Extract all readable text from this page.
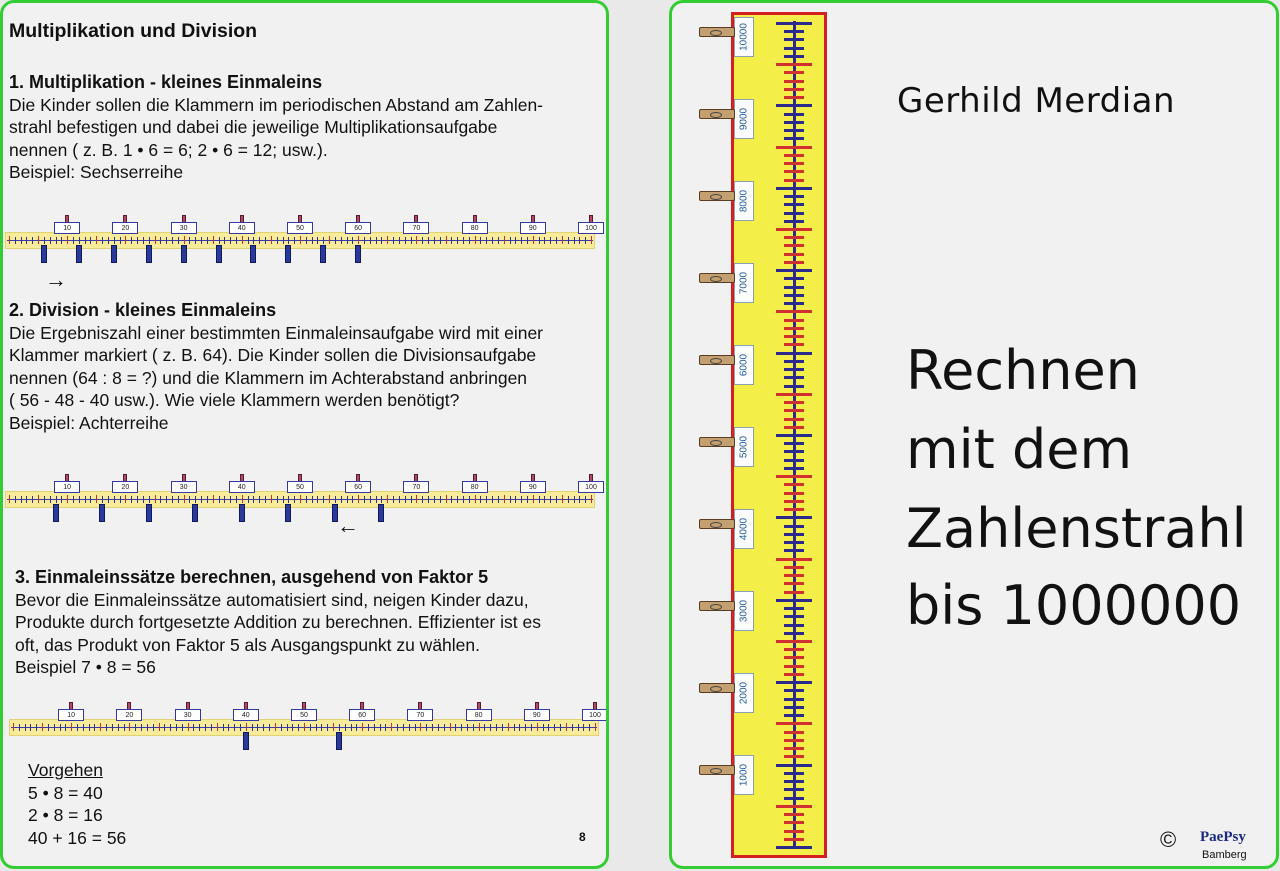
Multiplikation und Division
1. Multiplikation - kleines Einmaleins
Die Kinder sollen die Klammern im periodischen Abstand am Zahlen-
strahl befestigen und dabei die jeweilige Multiplikationsaufgabe
nennen ( z. B. 1 • 6 = 6; 2 • 6 = 12; usw.).
Beispiel: Sechserreihe
10	20	30	40	50	60	70	80	90	100
→
2. Division - kleines Einmaleins
Die Ergebniszahl einer bestimmten Einmaleinsaufgabe wird mit einer
Klammer markiert ( z. B. 64). Die Kinder sollen die Divisionsaufgabe
nennen (64 : 8 = ?) und die Klammern im Achterabstand anbringen
( 56 - 48 - 40 usw.). Wie viele Klammern werden benötigt?
Beispiel: Achterreihe
10	20	30	40	50	60	70	80	90	100
←
3. Einmaleinssätze berechnen, ausgehend von Faktor 5
Bevor die Einmaleinssätze automatisiert sind, neigen Kinder dazu,
Produkte durch fortgesetzte Addition zu berechnen. Effizienter ist es
oft, das Produkt von Faktor 5 als Ausgangspunkt zu wählen.
Beispiel 7 • 8 = 56
10	20	30	40	50	60	70	80	90	100
Vorgehen
5 • 8 = 40
2 • 8 = 16
40 + 16 = 56	8
Gerhild Merdian
Rechnen
mit dem
Zahlenstrahl
bis 1000000
© PaePsy
Bamberg
10000
9000
8000
7000
6000
5000
4000
3000
2000
1000
